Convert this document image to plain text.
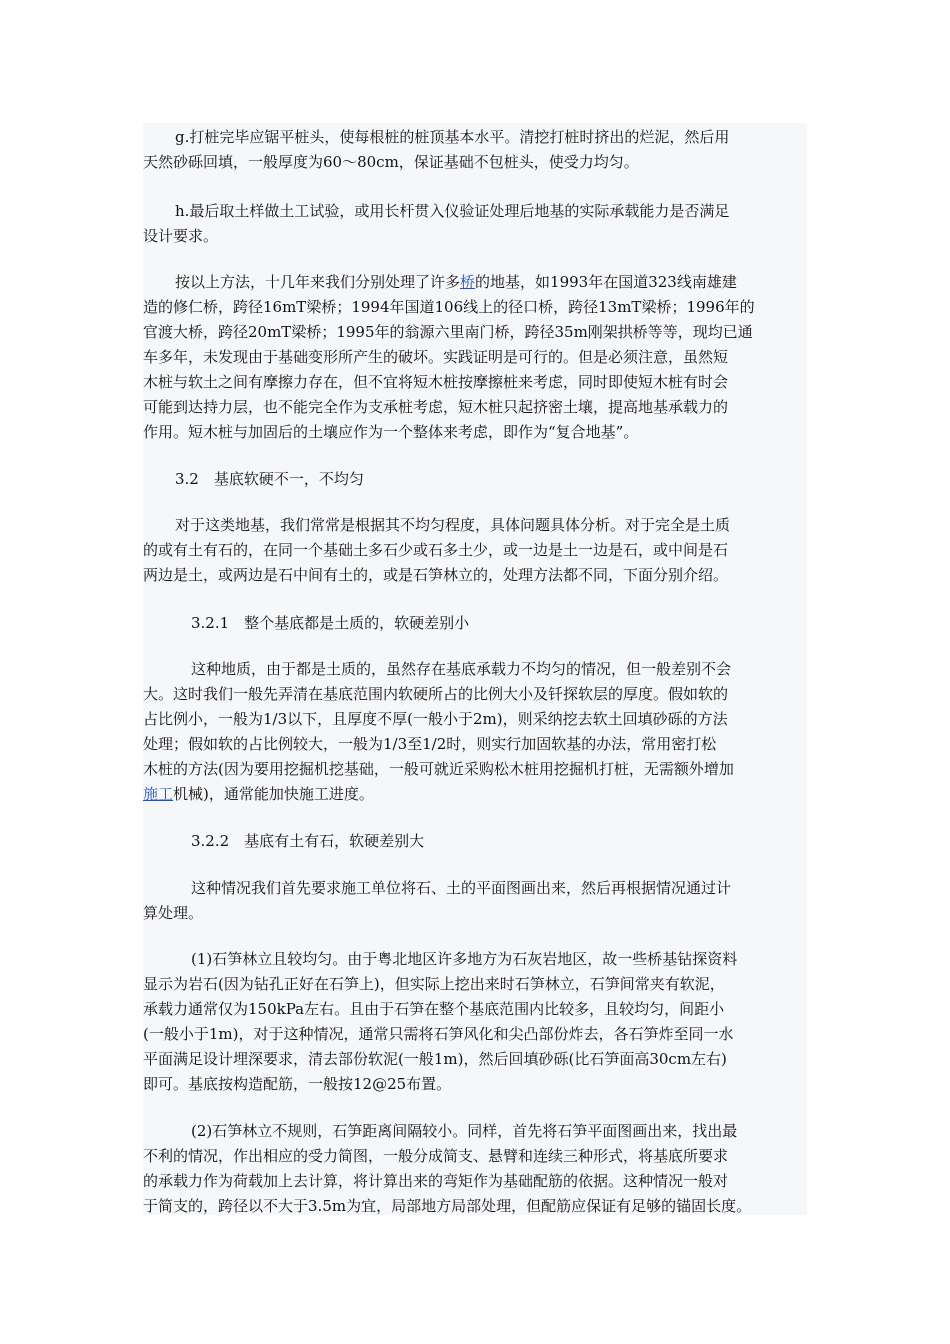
g.打桩完毕应锯平桩头，使每根桩的桩顶基本水平。清挖打桩时挤出的烂泥，然后用
天然砂砾回填，一般厚度为60～80cm，保证基础不包桩头，使受力均匀。
h.最后取土样做土工试验，或用长杆贯入仪验证处理后地基的实际承载能力是否满足
设计要求。
按以上方法，十几年来我们分别处理了许多桥的地基，如1993年在国道323线南雄建
造的修仁桥，跨径16mT梁桥；1994年国道106线上的径口桥，跨径13mT梁桥；1996年的
官渡大桥，跨径20mT梁桥；1995年的翁源六里南门桥，跨径35m刚架拱桥等等，现均已通
车多年，未发现由于基础变形所产生的破坏。实践证明是可行的。但是必须注意，虽然短
木桩与软土之间有摩擦力存在，但不宜将短木桩按摩擦桩来考虑，同时即使短木桩有时会
可能到达持力层，也不能完全作为支承桩考虑，短木桩只起挤密土壤，提高地基承载力的
作用。短木桩与加固后的土壤应作为一个整体来考虑，即作为“复合地基”。
3.2　基底软硬不一，不均匀
对于这类地基，我们常常是根据其不均匀程度，具体问题具体分析。对于完全是土质
的或有土有石的，在同一个基础土多石少或石多土少，或一边是土一边是石，或中间是石
两边是土，或两边是石中间有土的，或是石笋林立的，处理方法都不同，下面分别介绍。
3.2.1　整个基底都是土质的，软硬差别小
这种地质，由于都是土质的，虽然存在基底承载力不均匀的情况，但一般差别不会
大。这时我们一般先弄清在基底范围内软硬所占的比例大小及钎探软层的厚度。假如软的
占比例小，一般为1/3以下，且厚度不厚(一般小于2m)，则采纳挖去软土回填砂砾的方法
处理；假如软的占比例较大，一般为1/3至1/2时，则实行加固软基的办法，常用密打松
木桩的方法(因为要用挖掘机挖基础，一般可就近采购松木桩用挖掘机打桩，无需额外增加
施工机械)，通常能加快施工进度。
3.2.2　基底有土有石，软硬差别大
这种情况我们首先要求施工单位将石、土的平面图画出来，然后再根据情况通过计
算处理。
(1)石笋林立且较均匀。由于粤北地区许多地方为石灰岩地区，故一些桥基钻探资料
显示为岩石(因为钻孔正好在石笋上)，但实际上挖出来时石笋林立，石笋间常夹有软泥，
承载力通常仅为150kPa左右。且由于石笋在整个基底范围内比较多，且较均匀，间距小
(一般小于1m)，对于这种情况，通常只需将石笋风化和尖凸部份炸去，各石笋炸至同一水
平面满足设计埋深要求，清去部份软泥(一般1m)，然后回填砂砾(比石笋面高30cm左右)
即可。基底按构造配筋，一般按12@25布置。
(2)石笋林立不规则，石笋距离间隔较小。同样，首先将石笋平面图画出来，找出最
不利的情况，作出相应的受力简图，一般分成简支、悬臂和连续三种形式，将基底所要求
的承载力作为荷载加上去计算，将计算出来的弯矩作为基础配筋的依据。这种情况一般对
于简支的，跨径以不大于3.5m为宜，局部地方局部处理，但配筋应保证有足够的锚固长度。
